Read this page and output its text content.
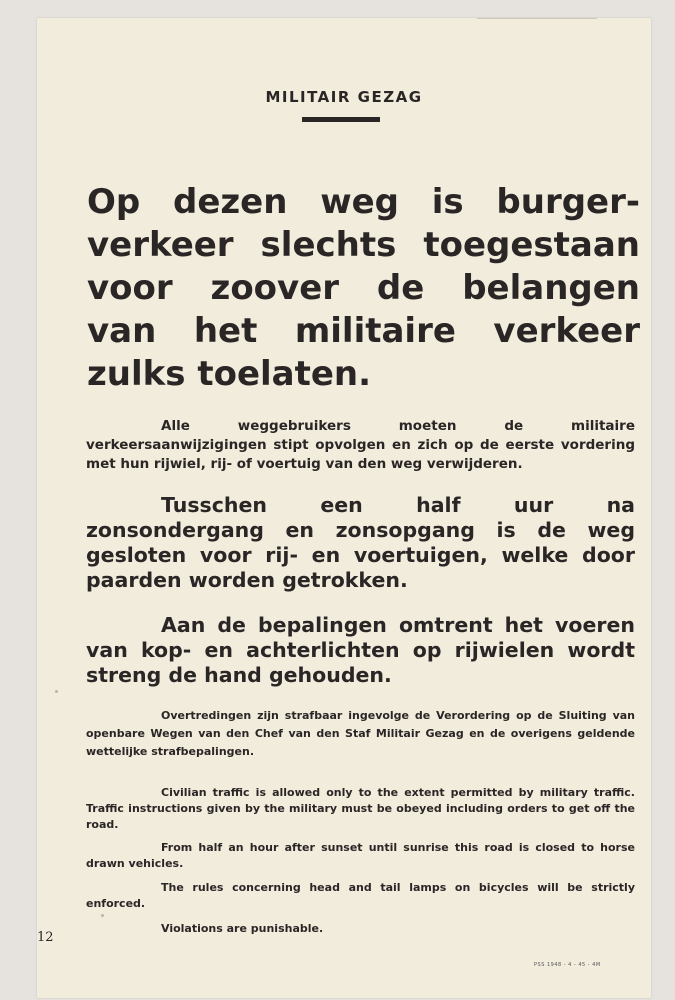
MILITAIR GEZAG
Op dezen weg is burger-
verkeer slechts toegestaan
voor zoover de belangen
van het militaire verkeer
zulks toelaten.

Alle weggebruikers moeten de militaire verkeersaanwijzigingen stipt opvolgen en zich op de eerste vordering met hun rijwiel, rij- of voertuig van den weg verwijderen.

Tusschen een half uur na zonsondergang en zonsopgang is de weg gesloten voor rij- en voertuigen, welke door paarden worden getrokken.

Aan de bepalingen omtrent het voeren van kop- en achterlichten op rijwielen wordt streng de hand gehouden.

Overtredingen zijn strafbaar ingevolge de Verordering op de Sluiting van openbare Wegen van den Chef van den Staf Militair Gezag en de overigens geldende wettelijke strafbepalingen.

Civilian traffic is allowed only to the extent permitted by military traffic. Traffic instructions given by the military must be obeyed including orders to get off the road.

From half an hour after sunset until sunrise this road is closed to horse drawn vehicles.

The rules concerning head and tail lamps on bicycles will be strictly enforced.

Violations are punishable.

PSS 1948 - 4 - 45 - 4M
12
